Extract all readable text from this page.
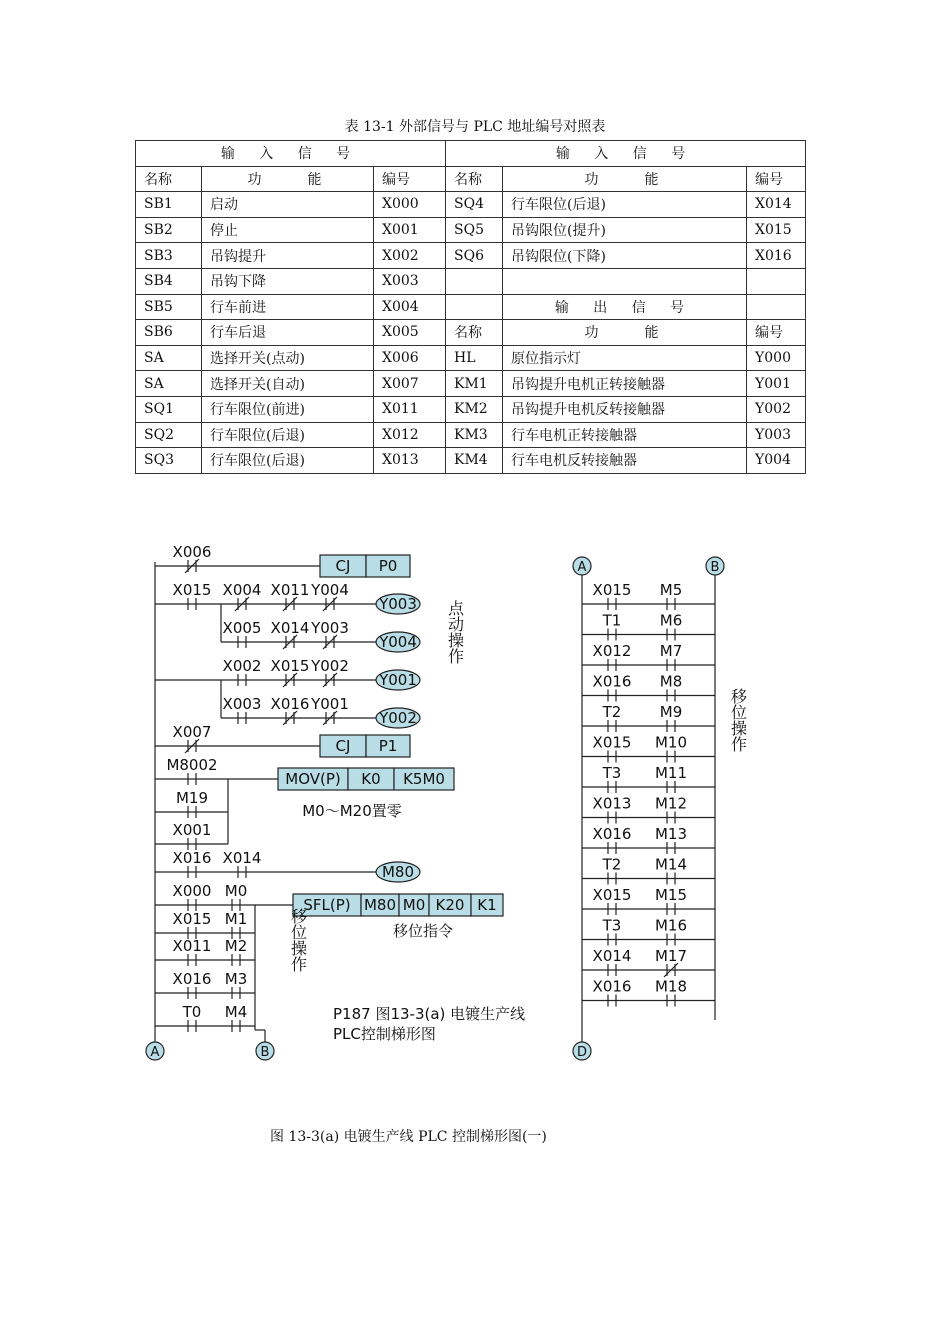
表 13-1 外部信号与 PLC 地址编号对照表
输 入 信 号			输 入 信 号		
名称	功　　能	编号	名称	功　　能	编号
SB1	启动	X000	SQ4	行车限位(后退)	X014
SB2	停止	X001	SQ5	吊钩限位(提升)	X015
SB3	吊钩提升	X002	SQ6	吊钩限位(下降)	X016
SB4	吊钩下降	X003			
SB5	行车前进	X004		输 出 信 号	
SB6	行车后退	X005	名称	功　　能	编号
SA	选择开关(点动)	X006	HL	原位指示灯	Y000
SA	选择开关(自动)	X007	KM1	吊钩提升电机正转接触器	Y001
SQ1	行车限位(前进)	X011	KM2	吊钩提升电机反转接触器	Y002
SQ2	行车限位(后退)	X012	KM3	行车电机正转接触器	Y003
SQ3	行车限位(后退)	X013	KM4	行车电机反转接触器	Y004
X006
CJ P0
X015 X004 X011 Y004
Y003
X005 X014 Y003
Y004
X002 X015 Y002
Y001
X003 X016 Y001
Y002
X007
CJ P1
M8002
MOV(P) K0 K5M0
M19
X001
M0～M20置零
X016 X014
M80
X000 M0
SFL(P) M80 M0 K20 K1
X015 M1
X011 M2
X016 M3
T0 M4
移位指令
A	B
点动操作
移位操作
P187 图13-3(a) 电镀生产线
PLC控制梯形图
A	B
X015 M5
T1	M6
X012 M7
X016 M8
T2	M9
X015 M10
T3 M11
X013 M12
X016 M13
T2 M14
X015 M15
T3 M16
X014 M17
X016 M18
D
移位操作
图 13-3(a) 电镀生产线 PLC 控制梯形图(一)
